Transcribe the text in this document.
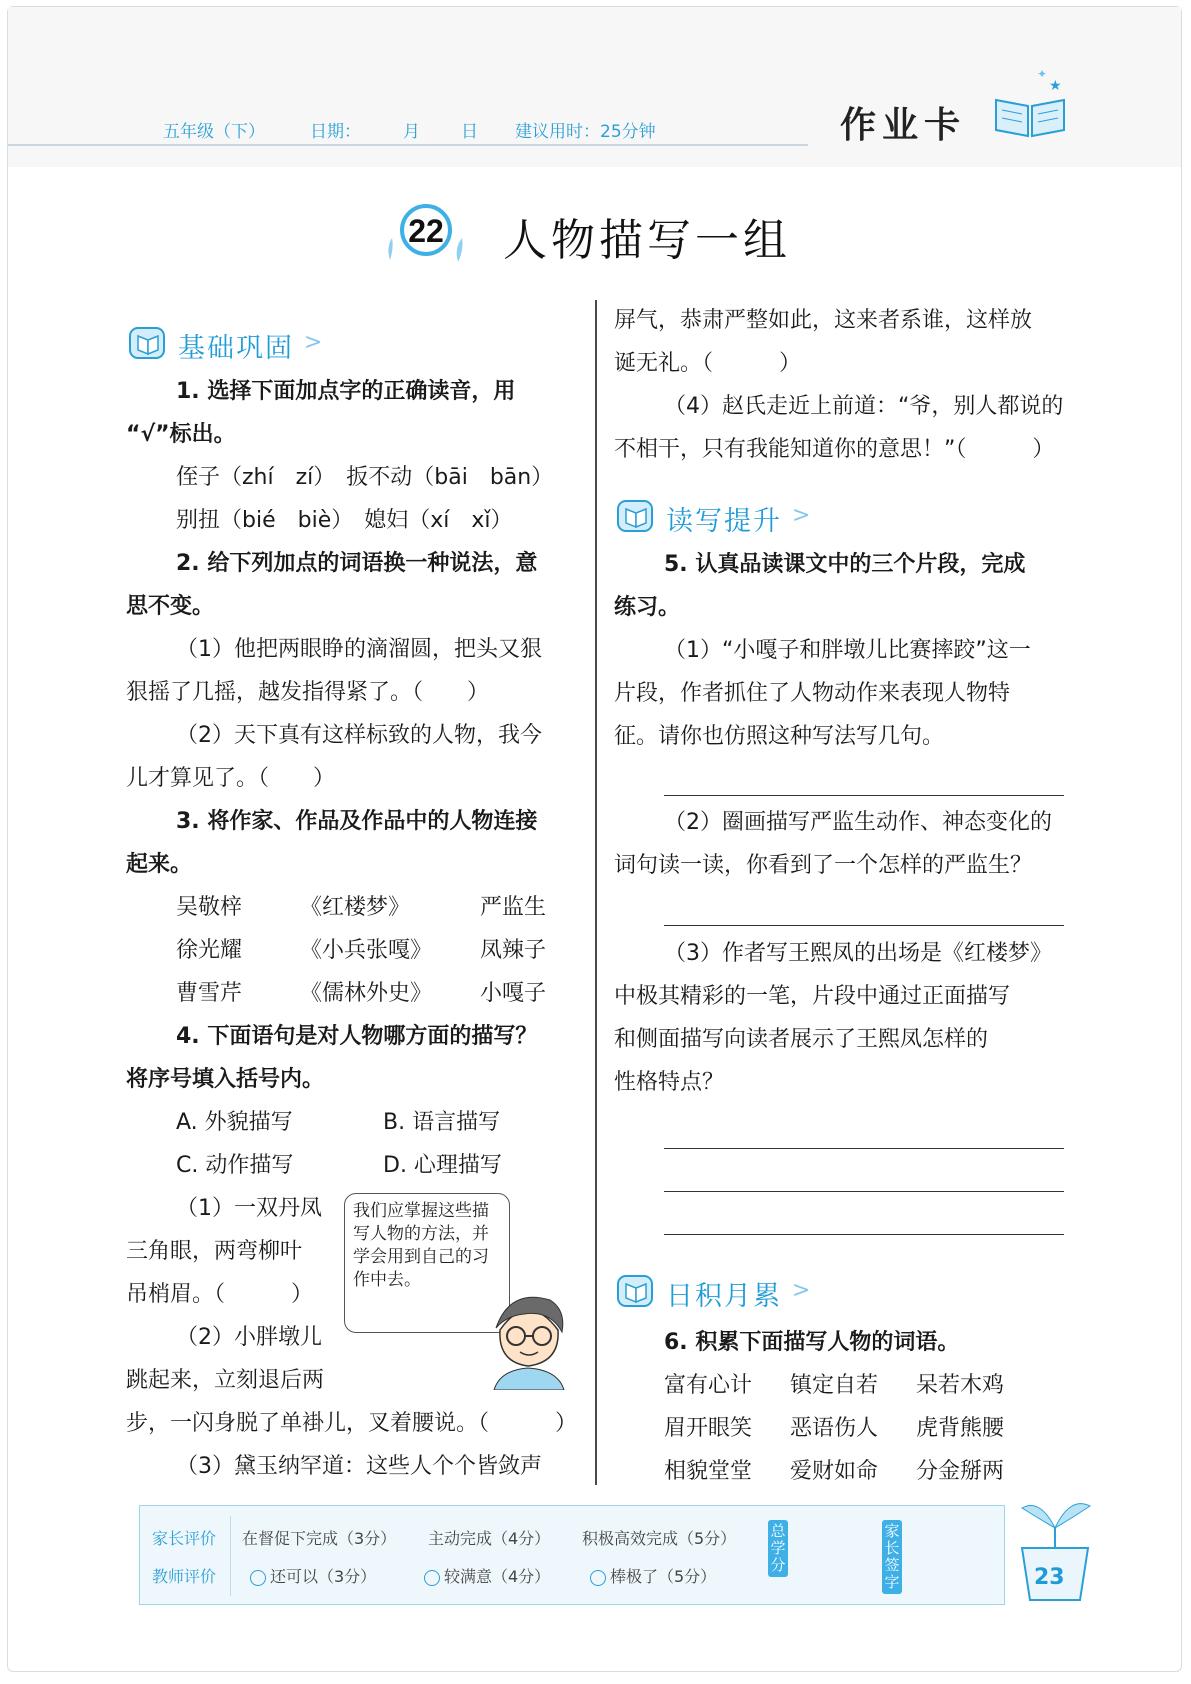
五年级（下）	日期： 月 日 建议用时：25分钟	作业卡
✦
★
22 人物描写一组
基础巩固 >
1. 选择下面加点字的正确读音，用
“√”标出。
侄子（zhí　zí）　扳不动（bāi　bān）
别扭（bié　biè）　媳妇（xí　xǐ）
2. 给下列加点的词语换一种说法，意
思不变。
（1）他把两眼睁的滴溜圆，把头又狠
狠摇了几摇，越发指得紧了。（　　）
（2）天下真有这样标致的人物，我今
儿才算见了。（　　）
3. 将作家、作品及作品中的人物连接
起来。
吴敬梓	《红楼梦》	严监生
徐光耀	《小兵张嘎》 凤辣子
曹雪芹	《儒林外史》 小嘎子
4. 下面语句是对人物哪方面的描写？
将序号填入括号内。
A. 外貌描写	B. 语言描写
C. 动作描写	D. 心理描写
（1）一双丹凤
三角眼，两弯柳叶
吊梢眉。（　　　）
（2）小胖墩儿
跳起来，立刻退后两
步，一闪身脱了单褂儿，叉着腰说。（　　　）
（3）黛玉纳罕道：这些人个个皆敛声
我们应掌握这些描写人物的方法，并学会用到自己的习作中去。
屏气，恭肃严整如此，这来者系谁，这样放
诞无礼。（　　　）
（4）赵氏走近上前道：“爷，别人都说的
不相干，只有我能知道你的意思！”（　　　）
读写提升 >
5. 认真品读课文中的三个片段，完成
练习。
（1）“小嘎子和胖墩儿比赛摔跤”这一
片段，作者抓住了人物动作来表现人物特
征。请你也仿照这种写法写几句。
（2）圈画描写严监生动作、神态变化的
词句读一读，你看到了一个怎样的严监生？
（3）作者写王熙凤的出场是《红楼梦》
中极其精彩的一笔，片段中通过正面描写
和侧面描写向读者展示了王熙凤怎样的
性格特点？
日积月累 >
6. 积累下面描写人物的词语。
富有心计 镇定自若 呆若木鸡
眉开眼笑 恶语伤人 虎背熊腰
相貌堂堂 爱财如命 分金掰两
家长评价
教师评价
在督促下完成（3分） 主动完成（4分） 积极高效完成（5分）
还可以（3分）	较满意（4分）	棒极了（5分）
总学分
家长签字	23
